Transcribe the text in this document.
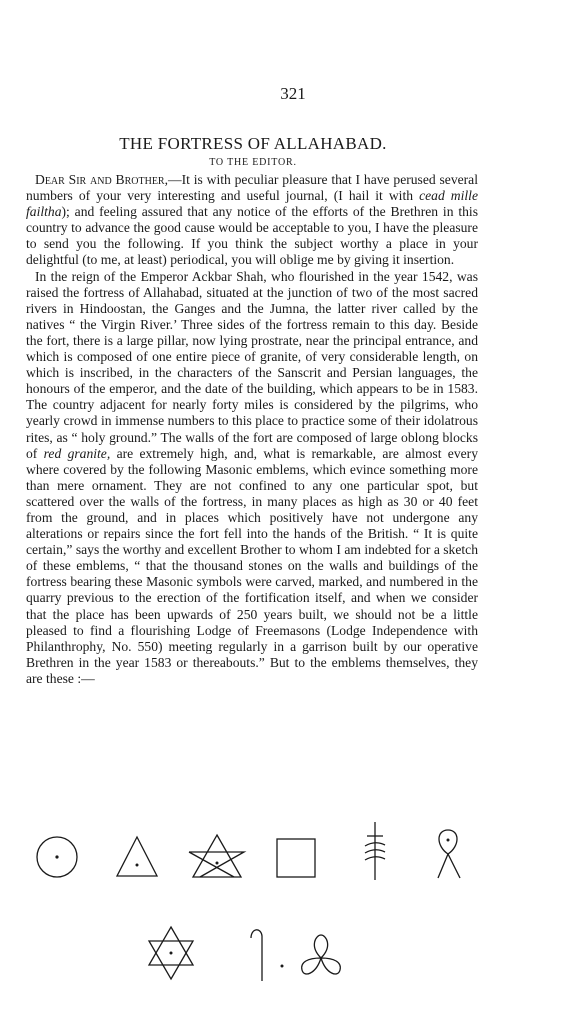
321
THE FORTRESS OF ALLAHABAD.
TO THE EDITOR.

Dear Sir and Brother,—It is with peculiar pleasure that I have perused several numbers of your very interesting and useful journal, (I hail it with cead mille failtha); and feeling assured that any notice of the efforts of the Brethren in this country to advance the good cause would be acceptable to you, I have the pleasure to send you the following. If you think the subject worthy a place in your delightful (to me, at least) periodical, you will oblige me by giving it insertion.

In the reign of the Emperor Ackbar Shah, who flourished in the year 1542, was raised the fortress of Allahabad, situated at the junction of two of the most sacred rivers in Hindoostan, the Ganges and the Jumna, the latter river called by the natives “ the Virgin River.’ Three sides of the fortress remain to this day. Beside the fort, there is a large pillar, now lying prostrate, near the principal entrance, and which is composed of one entire piece of granite, of very considerable length, on which is inscribed, in the characters of the Sanscrit and Persian languages, the honours of the emperor, and the date of the building, which appears to be in 1583. The country adjacent for nearly forty miles is considered by the pilgrims, who yearly crowd in immense numbers to this place to practice some of their idolatrous rites, as “ holy ground.” The walls of the fort are composed of large oblong blocks of red granite, are extremely high, and, what is remarkable, are almost every where covered by the following Masonic emblems, which evince something more than mere ornament. They are not confined to any one particular spot, but scattered over the walls of the fortress, in many places as high as 30 or 40 feet from the ground, and in places which positively have not undergone any alterations or repairs since the fort fell into the hands of the British. “ It is quite certain,” says the worthy and excellent Brother to whom I am indebted for a sketch of these emblems, “ that the thousand stones on the walls and buildings of the fortress bearing these Masonic symbols were carved, marked, and numbered in the quarry previous to the erection of the fortification itself, and when we consider that the place has been upwards of 250 years built, we should not be a little pleased to find a flourishing Lodge of Freemasons (Lodge Independence with Philanthrophy, No. 550) meeting regularly in a garrison built by our operative Brethren in the year 1583 or thereabouts.” But to the emblems themselves, they are these :—
